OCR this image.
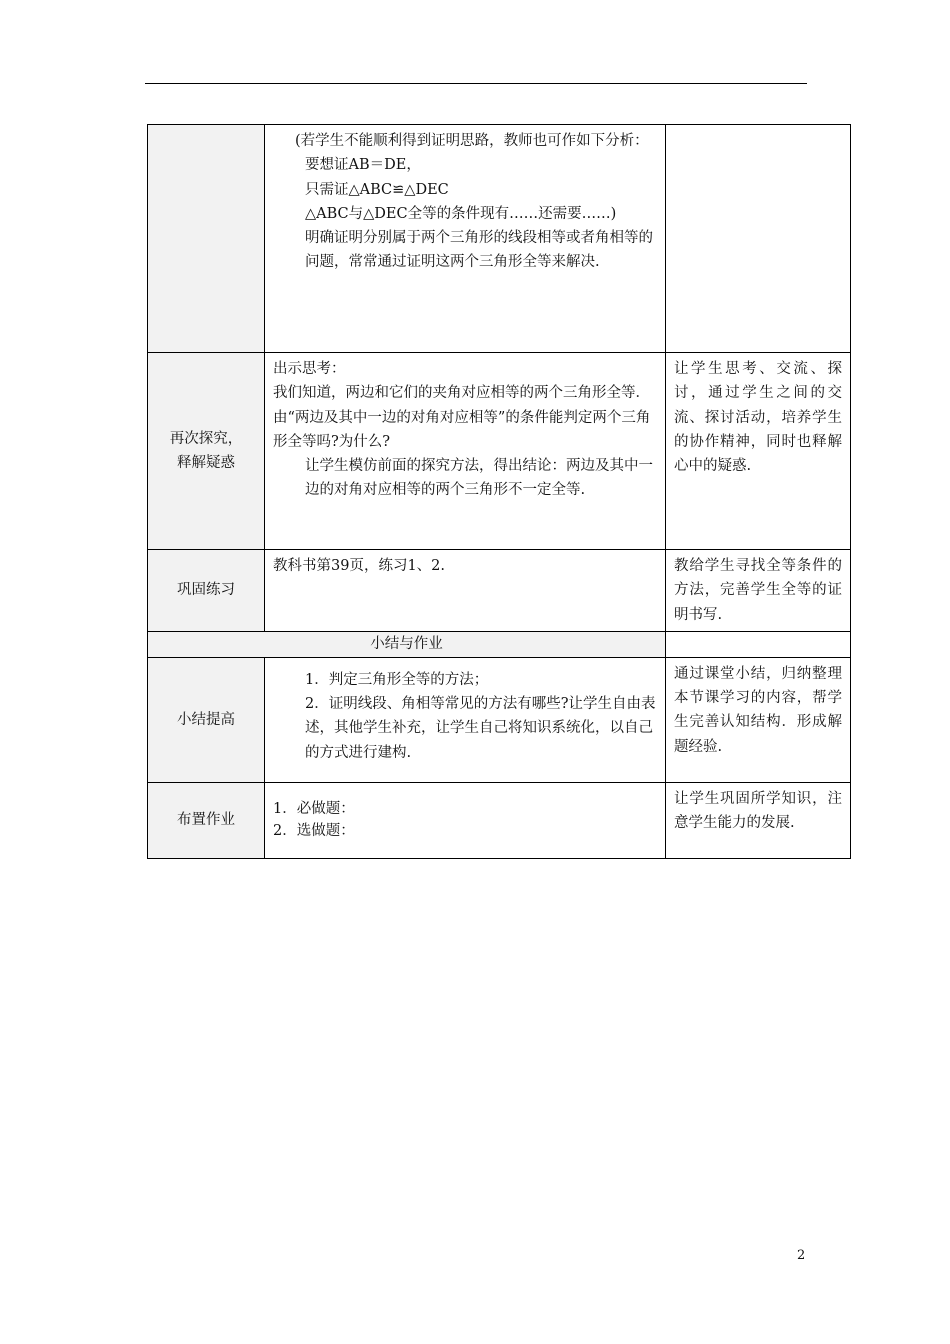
	(若学生不能顺利得到证明思路，教师也可作如下分析：
要想证AB＝DE，
只需证△ABC≌△DEC
△ABC与△DEC全等的条件现有……还需要……)
明确证明分别属于两个三角形的线段相等或者角相等的问题，常常通过证明这两个三角形全等来解决.	

再次探究，
释解疑惑	出示思考：
我们知道，两边和它们的夹角对应相等的两个三角形全等．由“两边及其中一边的对角对应相等”的条件能判定两个三角形全等吗?为什么?
让学生模仿前面的探究方法，得出结论：两边及其中一边的对角对应相等的两个三角形不一定全等.	让学生思考、交流、探讨，通过学生之间的交流、探讨活动，培养学生的协作精神，同时也释解心中的疑惑.
巩固练习	教科书第39页，练习1、2.	教给学生寻找全等条件的方法，完善学生全等的证明书写.
小结与作业		
小结提高	1．判定三角形全等的方法；
2．证明线段、角相等常见的方法有哪些?让学生自由表述，其他学生补充，让学生自己将知识系统化，以自己的方式进行建构.	通过课堂小结，归纳整理本节课学习的内容，帮学生完善认知结构．形成解题经验.
布置作业	1．必做题：
2．选做题：	让学生巩固所学知识，注意学生能力的发展.
2
